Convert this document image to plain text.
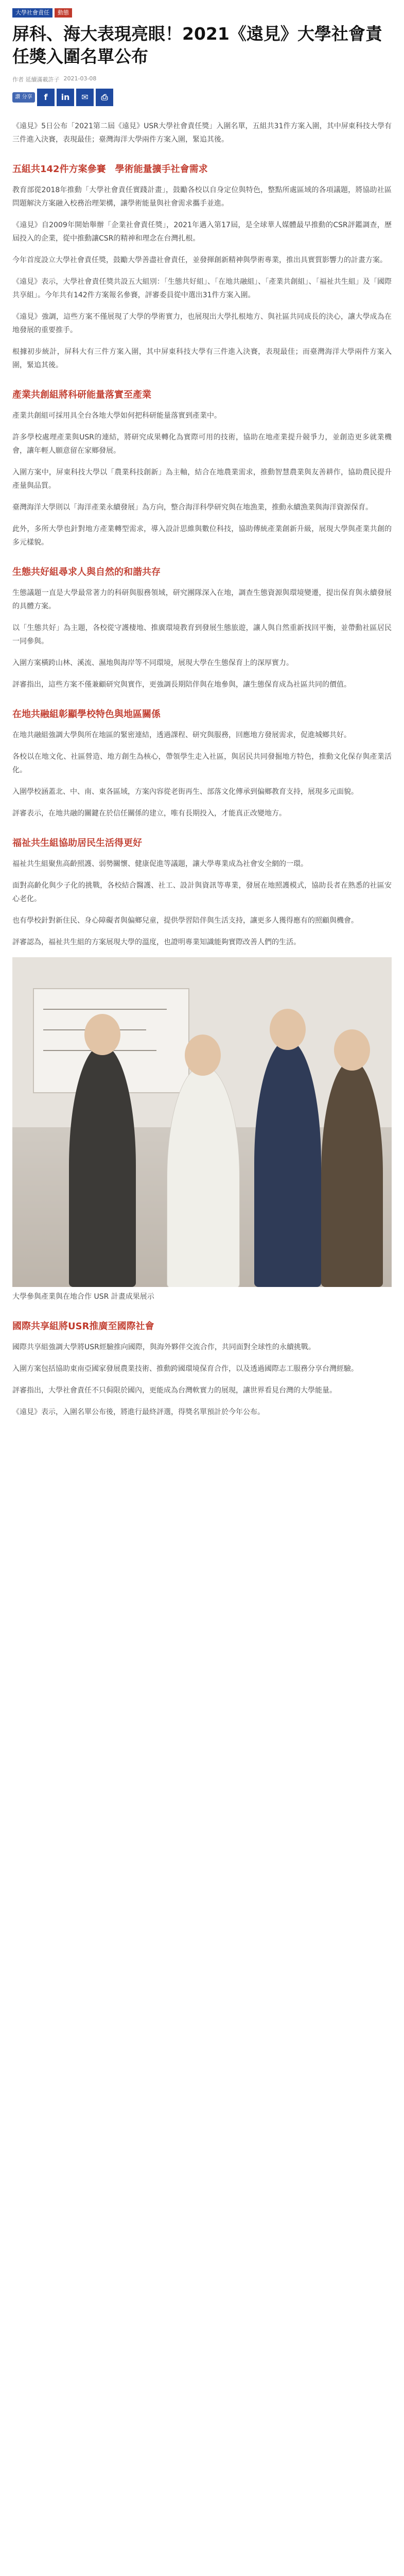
大學社會責任	動態
屏科、海大表現亮眼！2021《遠見》大學社會責任獎入圍名單公布
作者 延續滿載許子 2021-03-08
讚 分享	f	in	✉	⎙

《遠見》5日公布「2021第二屆《遠見》USR大學社會責任獎」入圍名單，五組共31件方案入圍，其中屏東科技大學有三件進入決賽，表現最佳；臺灣海洋大學兩件方案入圍，緊追其後。

五組共142件方案參賽　學術能量擴手社會需求

教育部從2018年推動「大學社會責任實踐計畫」，鼓勵各校以自身定位與特色，整點所處區域的各項議題，將協助社區問題解決方案融入校務治理架構，讓學術能量與社會需求攜手並進。

《遠見》自2009年開始舉辦「企業社會責任獎」，2021年邁入第17屆，是全球華人媒體最早推動的CSR評鑑調查，歷屆投入的企業，從中推動讓CSR的精神和理念在台灣扎根。

今年首度設立大學社會責任獎，鼓勵大學善盡社會責任，並發揮創新精神與學術專業，推出具實質影響力的計畫方案。

《遠見》表示，大學社會責任獎共設五大組別：「生態共好組」、「在地共融組」、「產業共創組」、「福祉共生組」及「國際共享組」。今年共有142件方案報名參賽，評審委員從中選出31件方案入圍。

《遠見》強調，這些方案不僅展現了大學的學術實力，也展現出大學扎根地方、與社區共同成長的決心，讓大學成為在地發展的重要推手。

根據初步統計，屏科大有三件方案入圍，其中屏東科技大學有三件進入決賽，表現最佳；而臺灣海洋大學兩件方案入圍，緊追其後。

產業共創組將科研能量落實至產業

產業共創組可採用具全台各地大學如何把科研能量落實到產業中。

許多學校處理產業與USR的連結，將研究成果轉化為實際可用的技術，協助在地產業提升競爭力，並創造更多就業機會，讓年輕人願意留在家鄉發展。

入圍方案中，屏東科技大學以「農業科技創新」為主軸，結合在地農業需求，推動智慧農業與友善耕作，協助農民提升產量與品質。

臺灣海洋大學則以「海洋產業永續發展」為方向，整合海洋科學研究與在地漁業，推動永續漁業與海洋資源保育。

此外，多所大學也針對地方產業轉型需求，導入設計思維與數位科技，協助傳統產業創新升級，展現大學與產業共創的多元樣貌。

生態共好組尋求人與自然的和諧共存

生態議題一直是大學最常著力的科研與服務領域，研究團隊深入在地，調查生態資源與環境變遷，提出保育與永續發展的具體方案。

以「生態共好」為主題，各校從守護棲地、推廣環境教育到發展生態旅遊，讓人與自然重新找回平衡，並帶動社區居民一同參與。

入圍方案橫跨山林、溪流、濕地與海岸等不同環境，展現大學在生態保育上的深厚實力。

評審指出，這些方案不僅兼顧研究與實作，更強調長期陪伴與在地參與，讓生態保育成為社區共同的價值。

在地共融組彰顯學校特色與地區關係

在地共融組強調大學與所在地區的緊密連結，透過課程、研究與服務，回應地方發展需求，促進城鄉共好。

各校以在地文化、社區營造、地方創生為核心，帶領學生走入社區，與居民共同發掘地方特色，推動文化保存與產業活化。

入圍學校涵蓋北、中、南、東各區域，方案內容從老街再生、部落文化傳承到偏鄉教育支持，展現多元面貌。

評審表示，在地共融的關鍵在於信任關係的建立，唯有長期投入，才能真正改變地方。

福祉共生組協助居民生活得更好

福祉共生組聚焦高齡照護、弱勢關懷、健康促進等議題，讓大學專業成為社會安全網的一環。

面對高齡化與少子化的挑戰，各校結合醫護、社工、設計與資訊等專業，發展在地照護模式，協助長者在熟悉的社區安心老化。

也有學校針對新住民、身心障礙者與偏鄉兒童，提供學習陪伴與生活支持，讓更多人獲得應有的照顧與機會。

評審認為，福祉共生組的方案展現大學的溫度，也證明專業知識能夠實際改善人們的生活。

大學參與產業與在地合作 USR 計畫成果展示

國際共享組將USR推廣至國際社會

國際共享組強調大學將USR經驗推向國際，與海外夥伴交流合作，共同面對全球性的永續挑戰。

入圍方案包括協助東南亞國家發展農業技術、推動跨國環境保育合作，以及透過國際志工服務分享台灣經驗。

評審指出，大學社會責任不只侷限於國內，更能成為台灣軟實力的展現，讓世界看見台灣的大學能量。

《遠見》表示，入圍名單公布後，將進行最終評選，得獎名單預計於今年公布。
